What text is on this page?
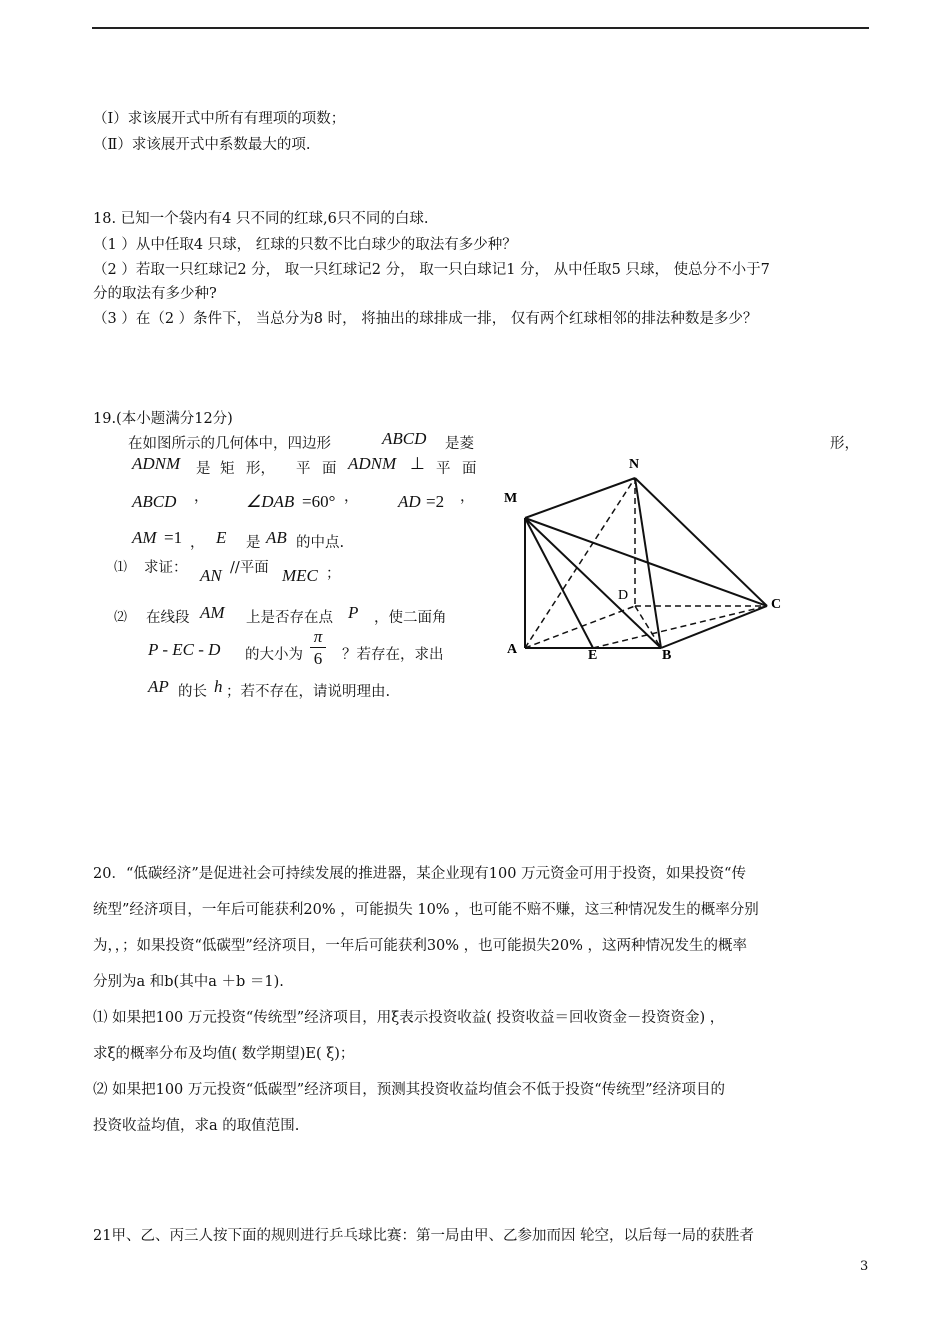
（Ⅰ）求该展开式中所有有理项的项数；
（Ⅱ）求该展开式中系数最大的项.
18. 已知一个袋内有4 只不同的红球,6只不同的白球.
（1 ）从中任取4 只球， 红球的只数不比白球少的取法有多少种？
（2 ）若取一只红球记2 分， 取一只红球记2 分， 取一只白球记1 分， 从中任取5 只球， 使总分不小于7
分的取法有多少种?
（3 ）在（2 ）条件下， 当总分为8 时， 将抽出的球排成一排， 仅有两个红球相邻的排法种数是多少？
19.(本小题满分12分)
在如图所示的几何体中，四边形	ABCD 是菱	形，
ADNM 是 矩 形， 平 面 ADNM ⊥ 平 面
ABCD ， ∠DAB =60° ， AD =2 ，
AM =1 ， E 是 AB 的中点.
⑴ 求证： AN //平面 MEC ；
⑵ 在线段 AM 上是否存在点 P ，使二面角
P - EC - D 的大小为
π
6 ？若存在，求出
AP 的长 h ；若不存在，请说明理由.
N
M
D
C
A	E	B
20．“低碳经济”是促进社会可持续发展的推进器，某企业现有100 万元资金可用于投资，如果投资“传
统型”经济项目，一年后可能获利20% ，可能损失 10% ，也可能不赔不赚，这三种情况发生的概率分别
为，，；如果投资“低碳型”经济项目，一年后可能获利30% ，也可能损失20% ，这两种情况发生的概率
分别为a 和b(其中a ＋b ＝1).
⑴ 如果把100 万元投资“传统型”经济项目，用ξ表示投资收益( 投资收益＝回收资金－投资资金) ，
求ξ的概率分布及均值( 数学期望)E( ξ)；
⑵ 如果把100 万元投资“低碳型”经济项目，预测其投资收益均值会不低于投资“传统型”经济项目的
投资收益均值，求a 的取值范围.
21甲、乙、丙三人按下面的规则进行乒乓球比赛：第一局由甲、乙参加而因 轮空，以后每一局的获胜者
3
